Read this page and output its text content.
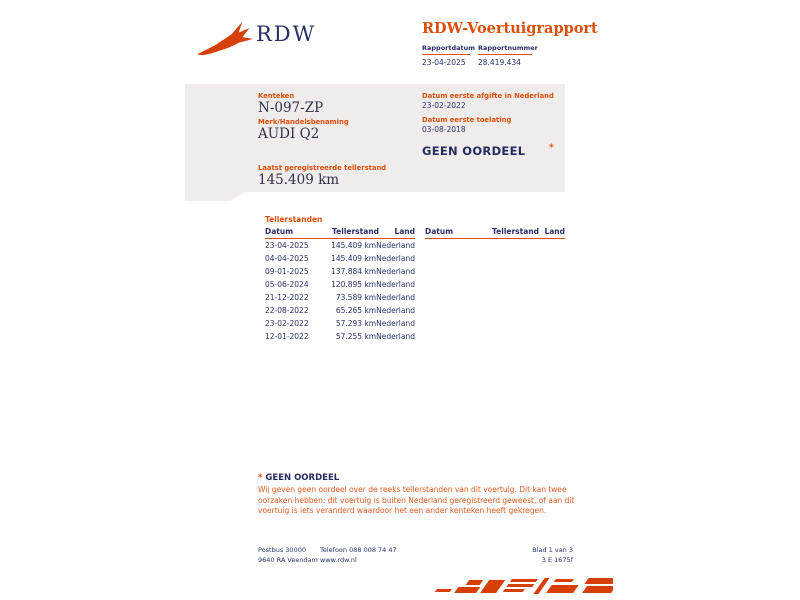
RDW	RDW-Voertuigrapport
Rapportdatum
23-04-2025
Rapportnummer
28.419.434
Kenteken
N-097-ZP
Merk/Handelsbenaming
AUDI Q2
Laatst geregistreerde tellerstand
145.409 km
Datum eerste afgifte in Nederland
23-02-2022
Datum eerste toelating
03-08-2018
GEEN OORDEEL	*
Tellerstanden
Datum	Tellerstand	Land
23-04-2025	145.409 km Nederland
04-04-2025	145.409 km Nederland
09-01-2025	137.884 km Nederland
05-06-2024	120.895 km Nederland
21-12-2022	73.589 km Nederland
22-08-2022	65.265 km Nederland
23-02-2022	57.293 km Nederland
12-01-2022	57.255 km Nederland
Datum	Tellerstand Land
* GEEN OORDEEL
Wij geven geen oordeel over de reeks tellerstanden van dit voertuig. Dit kan twee oorzaken hebben: dit voertuig is buiten Nederland geregistreerd geweest, of aan dit voertuig is iets veranderd waardoor het een ander kenteken heeft gekregen.
Postbus 30000
9640 RA Veendam
Telefoon 088 008 74 47
www.rdw.nl
Blad 1 van 3
3 E 1675f
